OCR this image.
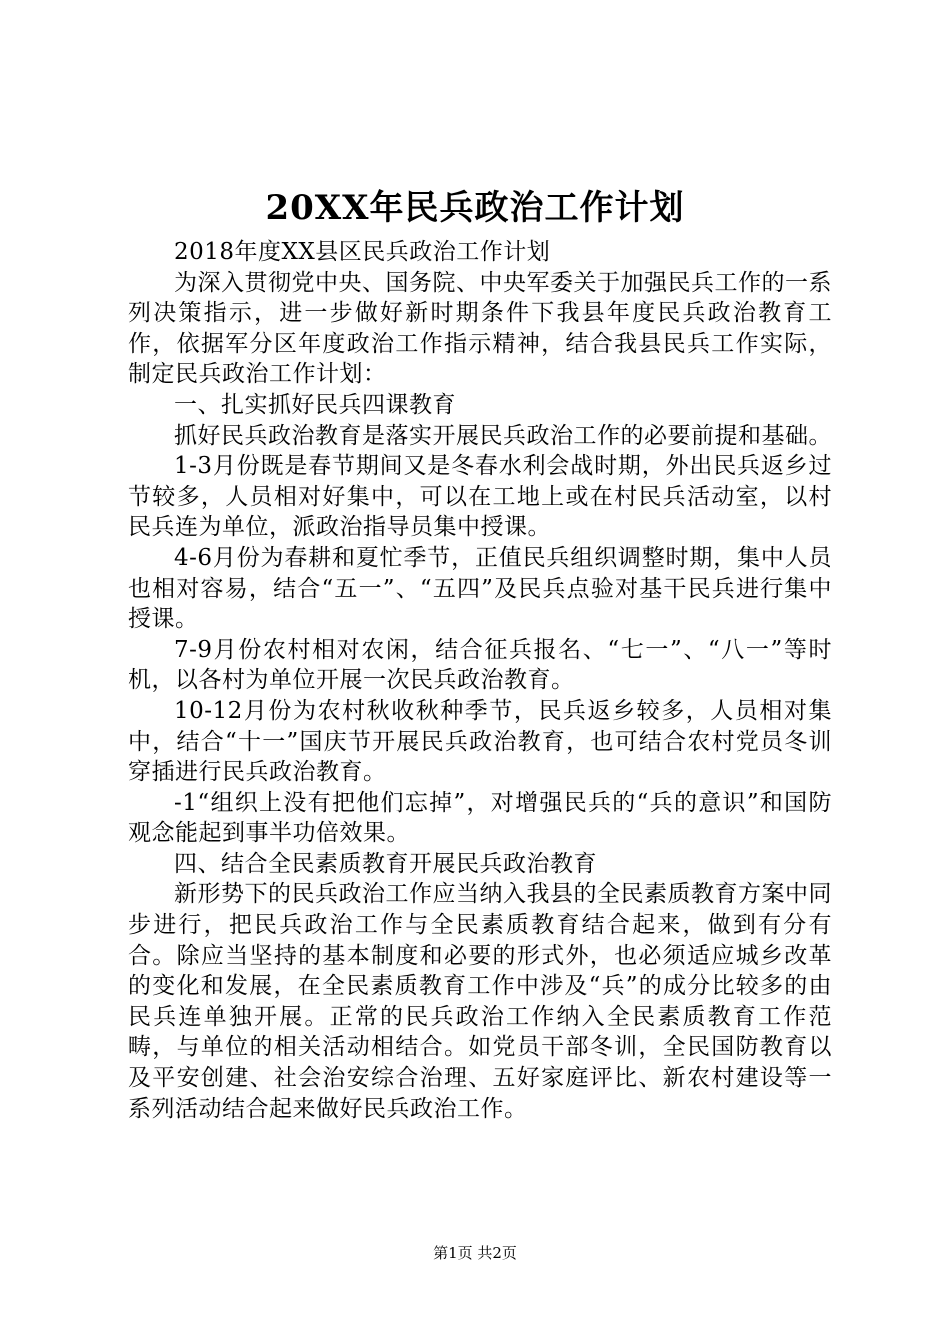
20XX年民兵政治工作计划

2018年度XX县区民兵政治工作计划

为深入贯彻党中央、国务院、中央军委关于加强民兵工作的一系列决策指示，进一步做好新时期条件下我县年度民兵政治教育工作，依据军分区年度政治工作指示精神，结合我县民兵工作实际，制定民兵政治工作计划：

一、扎实抓好民兵四课教育

抓好民兵政治教育是落实开展民兵政治工作的必要前提和基础。

1-3月份既是春节期间又是冬春水利会战时期，外出民兵返乡过节较多，人员相对好集中，可以在工地上或在村民兵活动室，以村民兵连为单位，派政治指导员集中授课。

4-6月份为春耕和夏忙季节，正值民兵组织调整时期，集中人员也相对容易，结合“五一”、“五四”及民兵点验对基干民兵进行集中授课。

7-9月份农村相对农闲，结合征兵报名、“七一”、“八一”等时机，以各村为单位开展一次民兵政治教育。

10-12月份为农村秋收秋种季节，民兵返乡较多，人员相对集中，结合“十一”国庆节开展民兵政治教育，也可结合农村党员冬训穿插进行民兵政治教育。

-1“组织上没有把他们忘掉”，对增强民兵的“兵的意识”和国防观念能起到事半功倍效果。

四、结合全民素质教育开展民兵政治教育

新形势下的民兵政治工作应当纳入我县的全民素质教育方案中同步进行，把民兵政治工作与全民素质教育结合起来，做到有分有合。除应当坚持的基本制度和必要的形式外，也必须适应城乡改革的变化和发展，在全民素质教育工作中涉及“兵”的成分比较多的由民兵连单独开展。正常的民兵政治工作纳入全民素质教育工作范畴，与单位的相关活动相结合。如党员干部冬训，全民国防教育以及平安创建、社会治安综合治理、五好家庭评比、新农村建设等一系列活动结合起来做好民兵政治工作。

第1页 共2页
